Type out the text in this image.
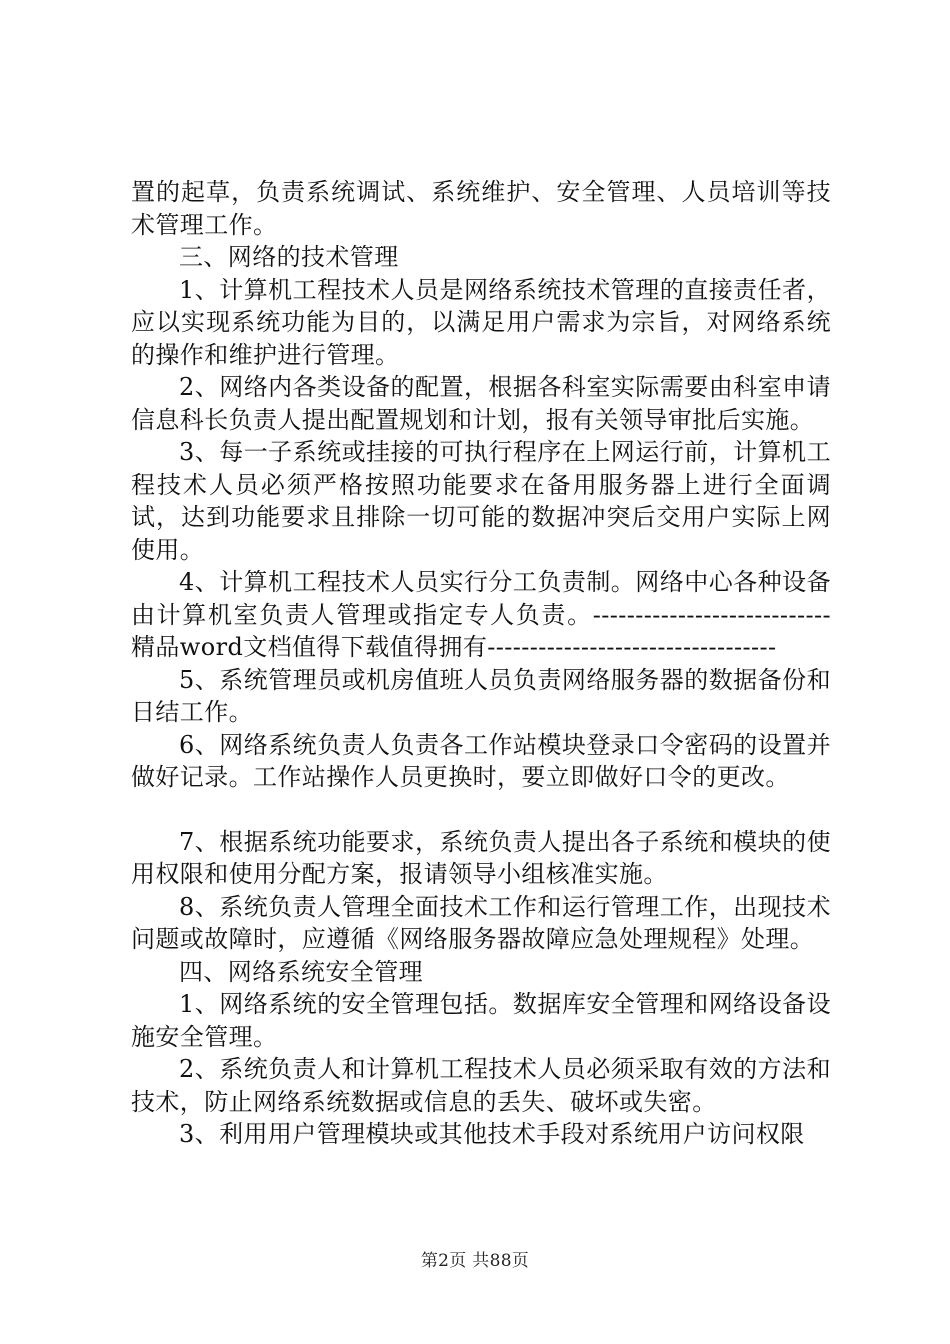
置的起草，负责系统调试、系统维护、安全管理、人员培训等技术管理工作。

三、网络的技术管理

1、计算机工程技术人员是网络系统技术管理的直接责任者，应以实现系统功能为目的，以满足用户需求为宗旨，对网络系统的操作和维护进行管理。

2、网络内各类设备的配置，根据各科室实际需要由科室申请信息科长负责人提出配置规划和计划，报有关领导审批后实施。

3、每一子系统或挂接的可执行程序在上网运行前，计算机工程技术人员必须严格按照功能要求在备用服务器上进行全面调试，达到功能要求且排除一切可能的数据冲突后交用户实际上网使用。

4、计算机工程技术人员实行分工负责制。网络中心各种设备由计算机室负责人管理或指定专人负责。----------------------------精品word文档值得下载值得拥有----------------------------------

5、系统管理员或机房值班人员负责网络服务器的数据备份和日结工作。

6、网络系统负责人负责各工作站模块登录口令密码的设置并做好记录。工作站操作人员更换时，要立即做好口令的更改。

7、根据系统功能要求，系统负责人提出各子系统和模块的使用权限和使用分配方案，报请领导小组核准实施。

8、系统负责人管理全面技术工作和运行管理工作，出现技术问题或故障时，应遵循《网络服务器故障应急处理规程》处理。

四、网络系统安全管理

1、网络系统的安全管理包括。数据库安全管理和网络设备设施安全管理。

2、系统负责人和计算机工程技术人员必须采取有效的方法和技术，防止网络系统数据或信息的丢失、破坏或失密。

3、利用用户管理模块或其他技术手段对系统用户访问权限

第2页 共88页
